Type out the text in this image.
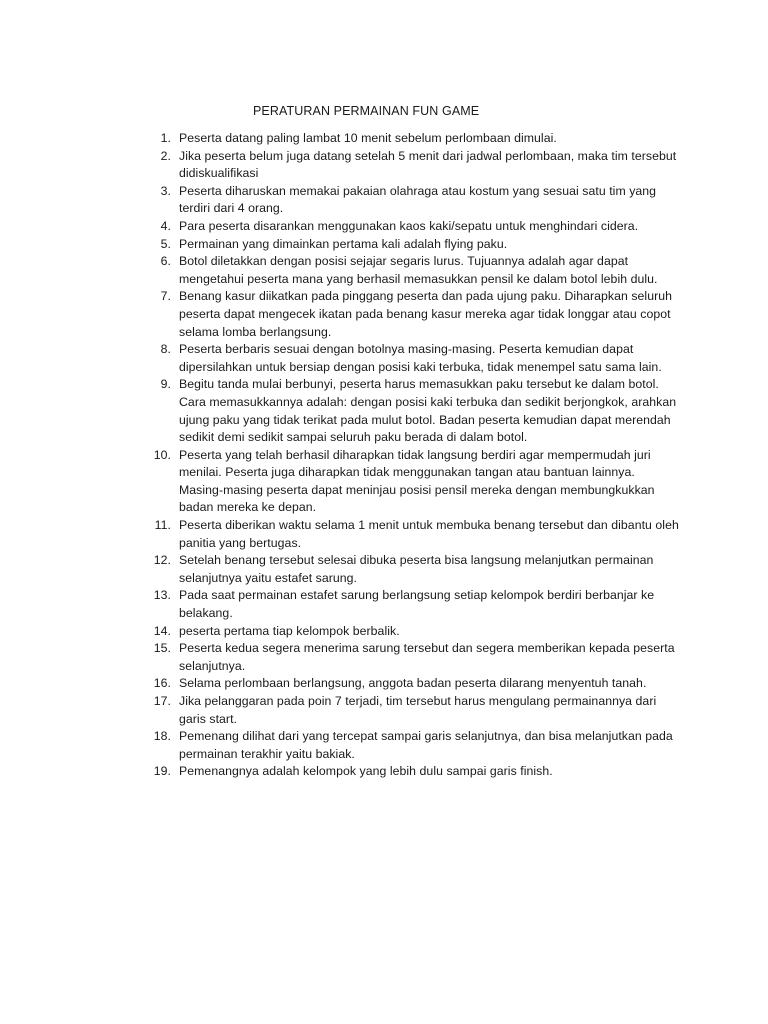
PERATURAN PERMAINAN FUN GAME
1. Peserta datang paling lambat 10 menit sebelum perlombaan dimulai.
2. Jika peserta belum juga datang setelah 5 menit dari jadwal perlombaan, maka tim tersebut didiskualifikasi
3. Peserta diharuskan memakai pakaian olahraga atau kostum yang sesuai satu tim yang terdiri dari 4 orang.
4. Para peserta disarankan menggunakan kaos kaki/sepatu untuk menghindari cidera.
5. Permainan yang dimainkan pertama kali adalah flying paku.
6. Botol diletakkan dengan posisi sejajar segaris lurus. Tujuannya adalah agar dapat mengetahui peserta mana yang berhasil memasukkan pensil ke dalam botol lebih dulu.
7. Benang kasur diikatkan pada pinggang peserta dan pada ujung paku. Diharapkan seluruh peserta dapat mengecek ikatan pada benang kasur mereka agar tidak longgar atau copot selama lomba berlangsung.
8. Peserta berbaris sesuai dengan botolnya masing-masing. Peserta kemudian dapat dipersilahkan untuk bersiap dengan posisi kaki terbuka, tidak menempel satu sama lain.
9. Begitu tanda mulai berbunyi, peserta harus memasukkan paku tersebut ke dalam botol. Cara memasukkannya adalah: dengan posisi kaki terbuka dan sedikit berjongkok, arahkan ujung paku yang tidak terikat pada mulut botol. Badan peserta kemudian dapat merendah sedikit demi sedikit sampai seluruh paku berada di dalam botol.
10. Peserta yang telah berhasil diharapkan tidak langsung berdiri agar mempermudah juri menilai. Peserta juga diharapkan tidak menggunakan tangan atau bantuan lainnya. Masing-masing peserta dapat meninjau posisi pensil mereka dengan membungkukkan badan mereka ke depan.
11. Peserta diberikan waktu selama 1 menit untuk membuka benang tersebut dan dibantu oleh panitia yang bertugas.
12. Setelah benang tersebut selesai dibuka peserta bisa langsung melanjutkan permainan selanjutnya yaitu estafet sarung.
13. Pada saat permainan estafet sarung berlangsung setiap kelompok berdiri berbanjar ke belakang.
14. peserta pertama tiap kelompok berbalik.
15. Peserta kedua segera menerima sarung tersebut dan segera memberikan kepada peserta selanjutnya.
16. Selama perlombaan berlangsung, anggota badan peserta dilarang menyentuh tanah.
17. Jika pelanggaran pada poin 7 terjadi, tim tersebut harus mengulang permainannya dari garis start.
18. Pemenang dilihat dari yang tercepat sampai garis selanjutnya, dan bisa melanjutkan pada permainan terakhir yaitu bakiak.
19. Pemenangnya adalah kelompok yang lebih dulu sampai garis finish.
